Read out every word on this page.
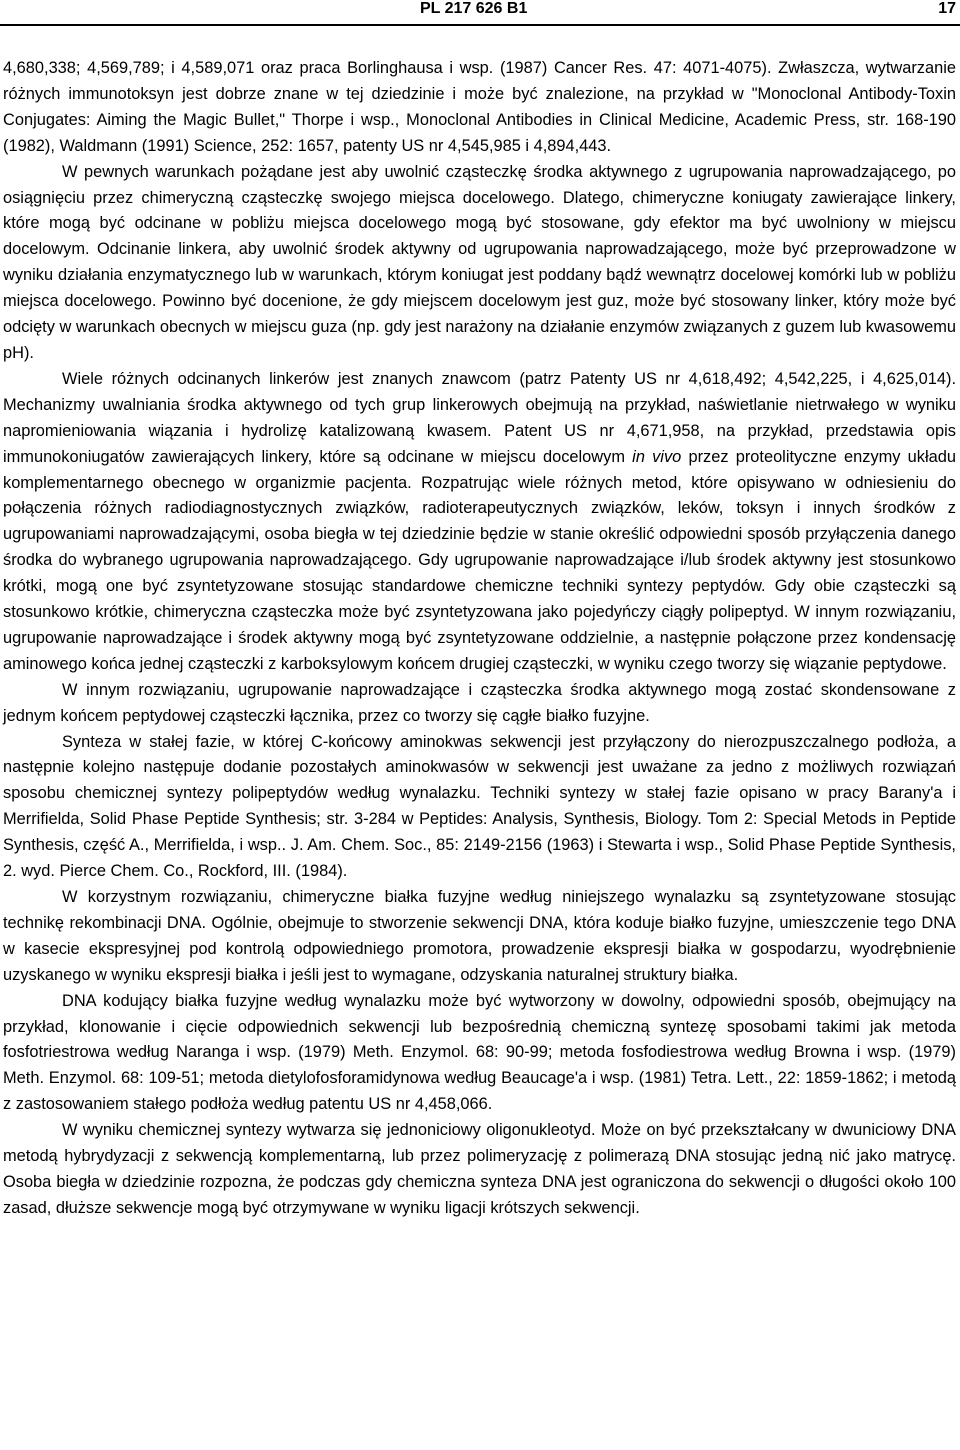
PL 217 626 B1	17

4,680,338; 4,569,789; i 4,589,071 oraz praca Borlinghausa i wsp. (1987) Cancer Res. 47: 4071-4075). Zwłaszcza, wytwarzanie różnych immunotoksyn jest dobrze znane w tej dziedzinie i może być znalezione, na przykład w "Monoclonal Antibody-Toxin Conjugates: Aiming the Magic Bullet," Thorpe i wsp., Monoclonal Antibodies in Clinical Medicine, Academic Press, str. 168-190 (1982), Waldmann (1991) Science, 252: 1657, patenty US nr 4,545,985 i 4,894,443.

W pewnych warunkach pożądane jest aby uwolnić cząsteczkę środka aktywnego z ugrupowania naprowadzającego, po osiągnięciu przez chimeryczną cząsteczkę swojego miejsca docelowego. Dlatego, chimeryczne koniugaty zawierające linkery, które mogą być odcinane w pobliżu miejsca docelowego mogą być stosowane, gdy efektor ma być uwolniony w miejscu docelowym. Odcinanie linkera, aby uwolnić środek aktywny od ugrupowania naprowadzającego, może być przeprowadzone w wyniku działania enzymatycznego lub w warunkach, którym koniugat jest poddany bądź wewnątrz docelowej komórki lub w pobliżu miejsca docelowego. Powinno być docenione, że gdy miejscem docelowym jest guz, może być stosowany linker, który może być odcięty w warunkach obecnych w miejscu guza (np. gdy jest narażony na działanie enzymów związanych z guzem lub kwasowemu pH).

Wiele różnych odcinanych linkerów jest znanych znawcom (patrz Patenty US nr 4,618,492; 4,542,225, i 4,625,014). Mechanizmy uwalniania środka aktywnego od tych grup linkerowych obejmują na przykład, naświetlanie nietrwałego w wyniku napromieniowania wiązania i hydrolizę katalizowaną kwasem. Patent US nr 4,671,958, na przykład, przedstawia opis immunokoniugatów zawierających linkery, które są odcinane w miejscu docelowym in vivo przez proteolityczne enzymy układu komplementarnego obecnego w organizmie pacjenta. Rozpatrując wiele różnych metod, które opisywano w odniesieniu do połączenia różnych radiodiagnostycznych związków, radioterapeutycznych związków, leków, toksyn i innych środków z ugrupowaniami naprowadzającymi, osoba biegła w tej dziedzinie będzie w stanie określić odpowiedni sposób przyłączenia danego środka do wybranego ugrupowania naprowadzającego. Gdy ugrupowanie naprowadzające i/lub środek aktywny jest stosunkowo krótki, mogą one być zsyntetyzowane stosując standardowe chemiczne techniki syntezy peptydów. Gdy obie cząsteczki są stosunkowo krótkie, chimeryczna cząsteczka może być zsyntetyzowana jako pojedyńczy ciągły polipeptyd. W innym rozwiązaniu, ugrupowanie naprowadzające i środek aktywny mogą być zsyntetyzowane oddzielnie, a następnie połączone przez kondensację aminowego końca jednej cząsteczki z karboksylowym końcem drugiej cząsteczki, w wyniku czego tworzy się wiązanie peptydowe.

W innym rozwiązaniu, ugrupowanie naprowadzające i cząsteczka środka aktywnego mogą zostać skondensowane z jednym końcem peptydowej cząsteczki łącznika, przez co tworzy się cągłe białko fuzyjne.

Synteza w stałej fazie, w której C-końcowy aminokwas sekwencji jest przyłączony do nierozpuszczalnego podłoża, a następnie kolejno następuje dodanie pozostałych aminokwasów w sekwencji jest uważane za jedno z możliwych rozwiązań sposobu chemicznej syntezy polipeptydów według wynalazku. Techniki syntezy w stałej fazie opisano w pracy Barany'a i Merrifielda, Solid Phase Peptide Synthesis; str. 3-284 w Peptides: Analysis, Synthesis, Biology. Tom 2: Special Metods in Peptide Synthesis, część A., Merrifielda, i wsp.. J. Am. Chem. Soc., 85: 2149-2156 (1963) i Stewarta i wsp., Solid Phase Peptide Synthesis, 2. wyd. Pierce Chem. Co., Rockford, III. (1984).

W korzystnym rozwiązaniu, chimeryczne białka fuzyjne według niniejszego wynalazku są zsyntetyzowane stosując technikę rekombinacji DNA. Ogólnie, obejmuje to stworzenie sekwencji DNA, która koduje białko fuzyjne, umieszczenie tego DNA w kasecie ekspresyjnej pod kontrolą odpowiedniego promotora, prowadzenie ekspresji białka w gospodarzu, wyodrębnienie uzyskanego w wyniku ekspresji białka i jeśli jest to wymagane, odzyskania naturalnej struktury białka.

DNA kodujący białka fuzyjne według wynalazku może być wytworzony w dowolny, odpowiedni sposób, obejmujący na przykład, klonowanie i cięcie odpowiednich sekwencji lub bezpośrednią chemiczną syntezę sposobami takimi jak metoda fosfotriestrowa według Naranga i wsp. (1979) Meth. Enzymol. 68: 90-99; metoda fosfodiestrowa według Browna i wsp. (1979) Meth. Enzymol. 68: 109-51; metoda dietylofosforamidynowa według Beaucage'a i wsp. (1981) Tetra. Lett., 22: 1859-1862; i metodą z zastosowaniem stałego podłoża według patentu US nr 4,458,066.

W wyniku chemicznej syntezy wytwarza się jednoniciowy oligonukleotyd. Może on być przekształcany w dwuniciowy DNA metodą hybrydyzacji z sekwencją komplementarną, lub przez polimeryzację z polimerazą DNA stosując jedną nić jako matrycę. Osoba biegła w dziedzinie rozpozna, że podczas gdy chemiczna synteza DNA jest ograniczona do sekwencji o długości około 100 zasad, dłuższe sekwencje mogą być otrzymywane w wyniku ligacji krótszych sekwencji.
